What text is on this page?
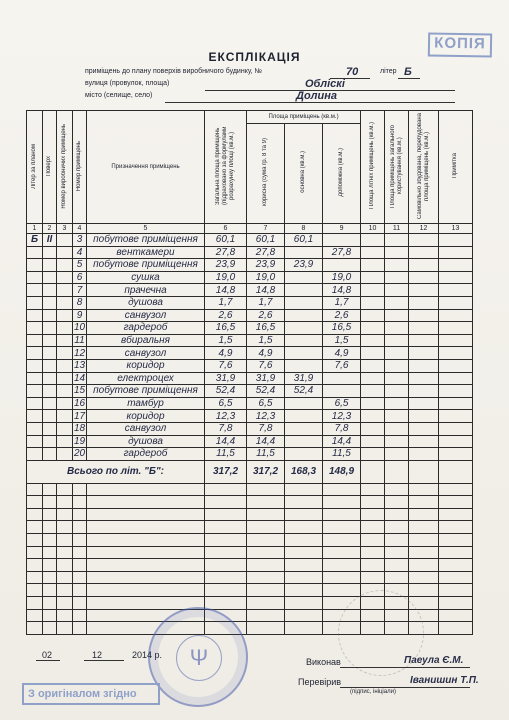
КОПІЯ
ЕКСПЛІКАЦІЯ
приміщень до плану поверхів виробничого будинку, №	70	літер Б
вулиця (провулок, площа)	Обліскі
місто (селище, село)	Долина
Літер за планом	Поверх	Номер виробничих приміщень	Номер приміщень	Призначення приміщень	Загальна площа приміщень (підраховано за формулами розрахунку площі (кв.м.)	Площа приміщень (кв.м.)			Площа літніх приміщень (кв.м.)	Площа приміщень загального користування (кв.м.)	Самовільно збудована, перебудована площа приміщень (кв.м.)	Примітка
						корисна (сума гр. 8 та 9)	основна (кв.м.)	допоміжна (кв.м.)				
1	2	3	4	5	6	7	8	9	10	11	12	13
Б	II		3	побутове приміщення	60,1	60,1	60,1					
			4	венткамери	27,8	27,8		27,8				
			5	побутове приміщення	23,9	23,9	23,9					
			6	сушка	19,0	19,0		19,0				
			7	прачечна	14,8	14,8		14,8				
			8	душова	1,7	1,7		1,7				
			9	санвузол	2,6	2,6		2,6				
			10	гардероб	16,5	16,5		16,5				
			11	вбиральня	1,5	1,5		1,5				
			12	санвузол	4,9	4,9		4,9				
			13	коридор	7,6	7,6		7,6				
			14	електроцех	31,9	31,9	31,9					
			15	побутове приміщення	52,4	52,4	52,4					
			16	тамбур	6,5	6,5		6,5				
			17	коридор	12,3	12,3		12,3				
			18	санвузол	7,8	7,8		7,8				
			19	душова	14,4	14,4		14,4				
			20	гардероб	11,5	11,5		11,5				
Всього по літ. "Б":					317,2	317,2	168,3	148,9				

Ψ
02	12	2014 р.
Виконав	Паеула Є.М.
Перевірив	Іванишин Т.П.
(підпис, ініціали)
З оригіналом згідно
